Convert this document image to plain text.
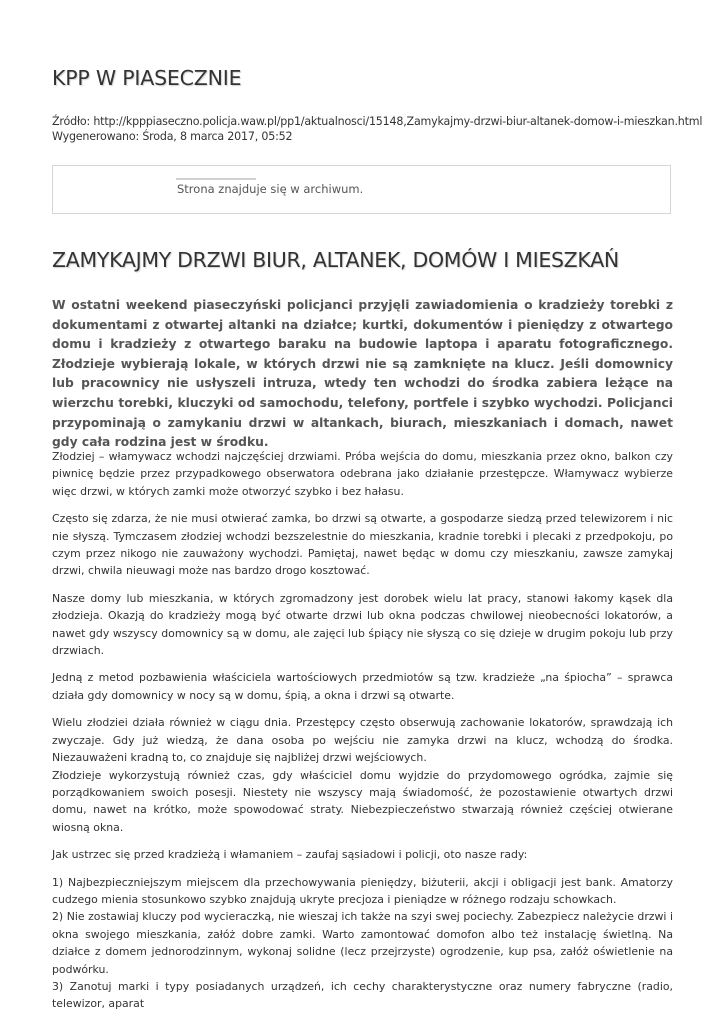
KPP W PIASECZNIE
Źródło: http://kpppiaseczno.policja.waw.pl/pp1/aktualnosci/15148,Zamykajmy-drzwi-biur-altanek-domow-i-mieszkan.html
Wygenerowano: Środa, 8 marca 2017, 05:52
Strona znajduje się w archiwum.
ZAMYKAJMY DRZWI BIUR, ALTANEK, DOMÓW I MIESZKAŃ

W ostatni weekend piaseczyński policjanci przyjęli zawiadomienia o kradzieży torebki z dokumentami z otwartej altanki na działce; kurtki, dokumentów i pieniędzy z otwartego domu i kradzieży z otwartego baraku na budowie laptopa i aparatu fotograficznego. Złodzieje wybierają lokale, w których drzwi nie są zamknięte na klucz. Jeśli domownicy lub pracownicy nie usłyszeli intruza, wtedy ten wchodzi do środka zabiera leżące na wierzchu torebki, kluczyki od samochodu, telefony, portfele i szybko wychodzi. Policjanci przypominają o zamykaniu drzwi w altankach, biurach, mieszkaniach i domach, nawet gdy cała rodzina jest w środku.

Złodziej – włamywacz wchodzi najczęściej drzwiami. Próba wejścia do domu, mieszkania przez okno, balkon czy piwnicę będzie przez przypadkowego obserwatora odebrana jako działanie przestępcze. Włamywacz wybierze więc drzwi, w których zamki może otworzyć szybko i bez hałasu.

Często się zdarza, że nie musi otwierać zamka, bo drzwi są otwarte, a gospodarze siedzą przed telewizorem i nic nie słyszą. Tymczasem złodziej wchodzi bezszelestnie do mieszkania, kradnie torebki i plecaki z przedpokoju, po czym przez nikogo nie zauważony wychodzi. Pamiętaj, nawet będąc w domu czy mieszkaniu, zawsze zamykaj drzwi, chwila nieuwagi może nas bardzo drogo kosztować.

Nasze domy lub mieszkania, w których zgromadzony jest dorobek wielu lat pracy, stanowi łakomy kąsek dla złodzieja. Okazją do kradzieży mogą być otwarte drzwi lub okna podczas chwilowej nieobecności lokatorów, a nawet gdy wszyscy domownicy są w domu, ale zajęci lub śpiący nie słyszą co się dzieje w drugim pokoju lub przy drzwiach.

Jedną z metod pozbawienia właściciela wartościowych przedmiotów są tzw. kradzieże „na śpiocha” – sprawca działa gdy domownicy w nocy są w domu, śpią, a okna i drzwi są otwarte.

Wielu złodziei działa również w ciągu dnia. Przestępcy często obserwują zachowanie lokatorów, sprawdzają ich zwyczaje. Gdy już wiedzą, że dana osoba po wejściu nie zamyka drzwi na klucz, wchodzą do środka. Niezauważeni kradną to, co znajduje się najbliżej drzwi wejściowych.
Złodzieje wykorzystują również czas, gdy właściciel domu wyjdzie do przydomowego ogródka, zajmie się porządkowaniem swoich posesji. Niestety nie wszyscy mają świadomość, że pozostawienie otwartych drzwi domu, nawet na krótko, może spowodować straty. Niebezpieczeństwo stwarzają również częściej otwierane wiosną okna.

Jak ustrzec się przed kradzieżą i włamaniem – zaufaj sąsiadowi i policji, oto nasze rady:

1) Najbezpieczniejszym miejscem dla przechowywania pieniędzy, biżuterii, akcji i obligacji jest bank. Amatorzy cudzego mienia stosunkowo szybko znajdują ukryte precjoza i pieniądze w różnego rodzaju schowkach.
2) Nie zostawiaj kluczy pod wycieraczką, nie wieszaj ich także na szyi swej pociechy. Zabezpiecz należycie drzwi i okna swojego mieszkania, załóż dobre zamki. Warto zamontować domofon albo też instalację świetlną. Na działce z domem jednorodzinnym, wykonaj solidne (lecz przejrzyste) ogrodzenie, kup psa, załóż oświetlenie na podwórku.
3) Zanotuj marki i typy posiadanych urządzeń, ich cechy charakterystyczne oraz numery fabryczne (radio, telewizor, aparat
